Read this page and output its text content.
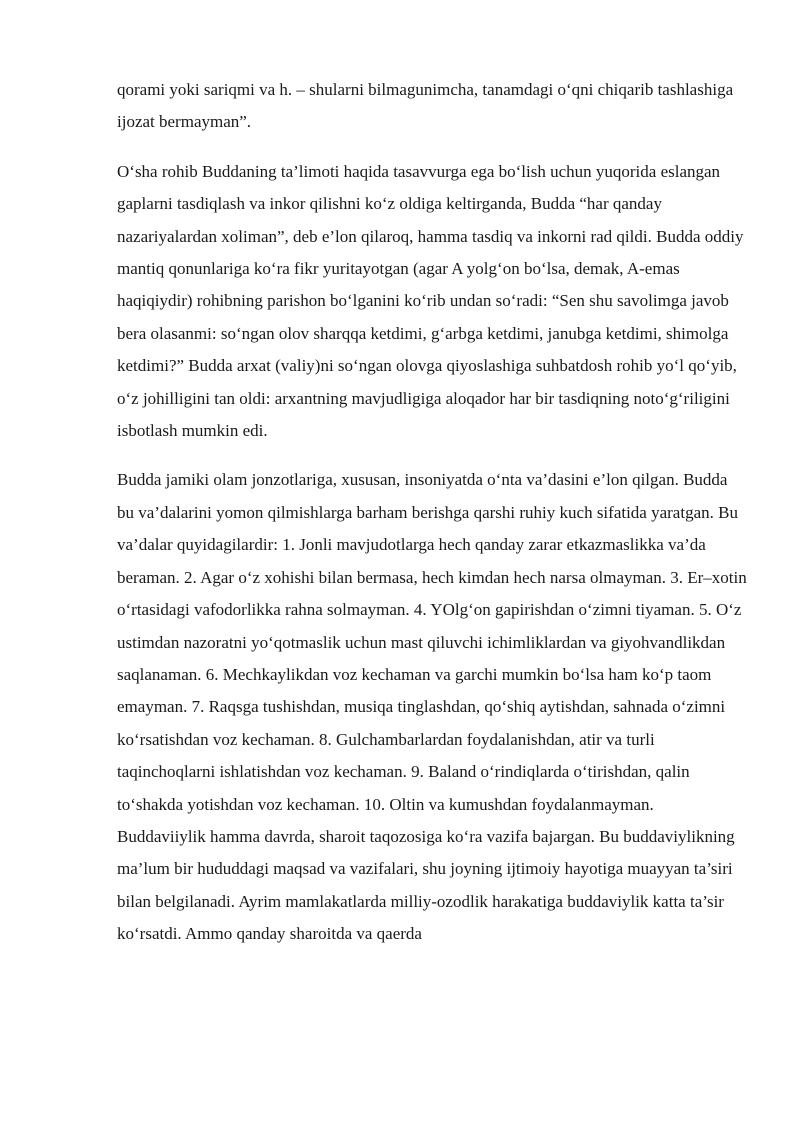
qorami yoki sariqmi va h. – shularni bilmagunimcha, tanamdagi o‘qni chiqarib tashlashiga ijozat bermayman”.

O‘sha rohib Buddaning ta’limoti haqida tasavvurga ega bo‘lish uchun yuqorida eslangan gaplarni tasdiqlash va inkor qilishni ko‘z oldiga keltirganda, Budda “har qanday nazariyalardan xoliman”, deb e’lon qilaroq, hamma tasdiq va inkorni rad qildi. Budda oddiy mantiq qonunlariga ko‘ra fikr yuritayotgan (agar A yolg‘on bo‘lsa, demak, A-emas haqiqiydir) rohibning parishon bo‘lganini ko‘rib undan so‘radi: “Sen shu savolimga javob bera olasanmi: so‘ngan olov sharqqa ketdimi, g‘arbga ketdimi, janubga ketdimi, shimolga ketdimi?” Budda arxat (valiy)ni so‘ngan olovga qiyoslashiga suhbatdosh rohib yo‘l qo‘yib, o‘z johilligini tan oldi: arxantning mavjudligiga aloqador har bir tasdiqning noto‘g‘riligini isbotlash mumkin edi.

Budda jamiki olam jonzotlariga, xususan, insoniyatda o‘nta va’dasini e’lon qilgan. Budda bu va’dalarini yomon qilmishlarga barham berishga qarshi ruhiy kuch sifatida yaratgan. Bu va’dalar quyidagilardir: 1. Jonli mavjudotlarga hech qanday zarar etkazmaslikka va’da beraman. 2. Agar o‘z xohishi bilan bermasa, hech kimdan hech narsa olmayman. 3. Er–xotin o‘rtasidagi vafodorlikka rahna solmayman. 4. YOlg‘on gapirishdan o‘zimni tiyaman. 5. O‘z ustimdan nazoratni yo‘qotmaslik uchun mast qiluvchi ichimliklardan va giyohvandlikdan saqlanaman. 6. Mechkaylikdan voz kechaman va garchi mumkin bo‘lsa ham ko‘p taom emayman. 7. Raqsga tushishdan, musiqa tinglashdan, qo‘shiq aytishdan, sahnada o‘zimni ko‘rsatishdan voz kechaman. 8. Gulchambarlardan foydalanishdan, atir va turli taqinchoqlarni ishlatishdan voz kechaman. 9. Baland o‘rindiqlarda o‘tirishdan, qalin to‘shakda yotishdan voz kechaman. 10. Oltin va kumushdan foydalanmayman.

Buddaviiylik hamma davrda, sharoit taqozosiga ko‘ra vazifa bajargan. Bu buddaviylikning ma’lum bir hududdagi maqsad va vazifalari, shu joyning ijtimoiy hayotiga muayyan ta’siri bilan belgilanadi. Ayrim mamlakatlarda milliy-ozodlik harakatiga buddaviylik katta ta’sir ko‘rsatdi. Ammo qanday sharoitda va qaerda
